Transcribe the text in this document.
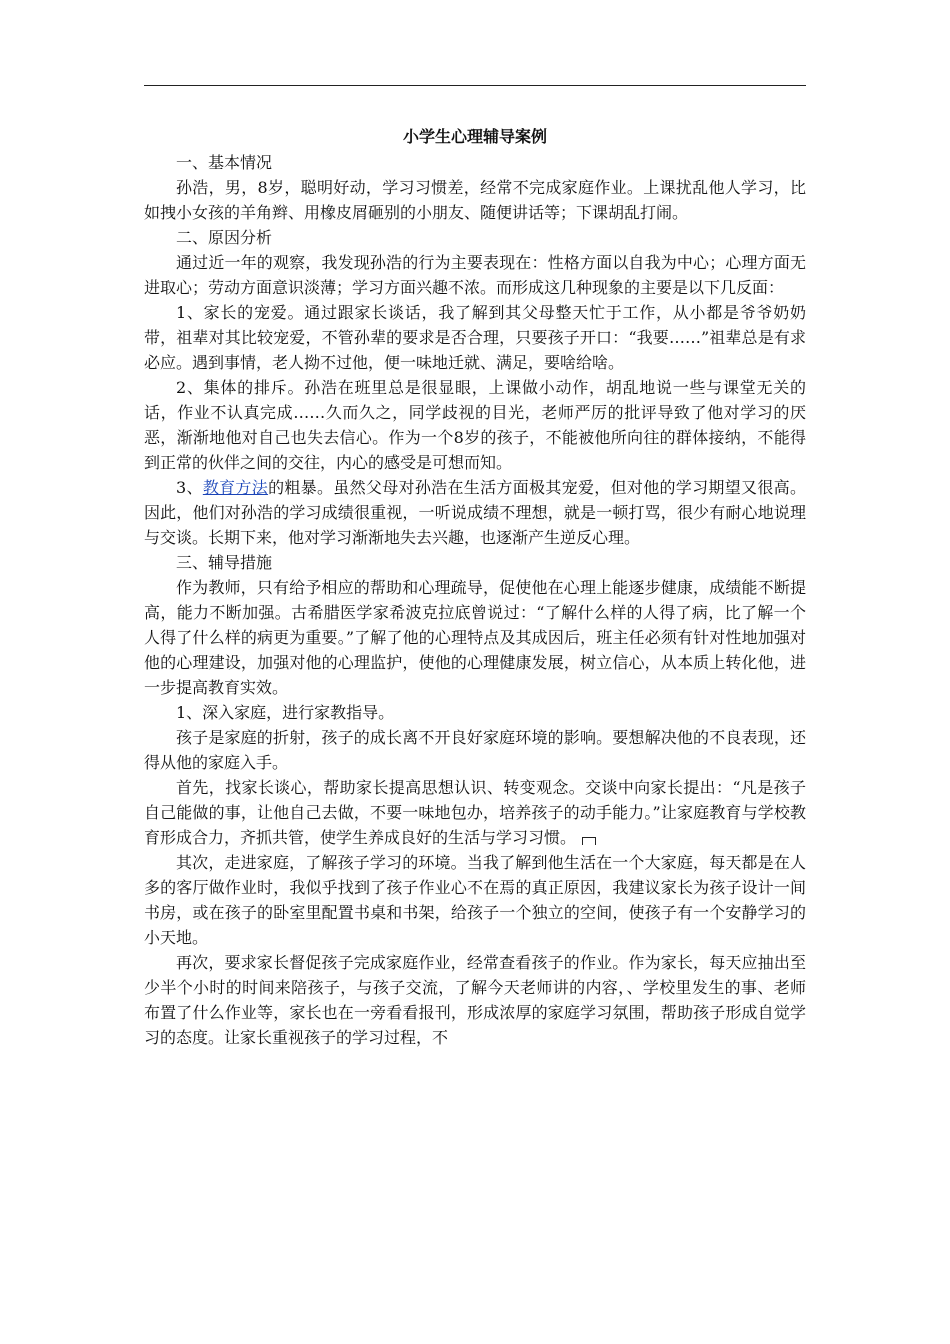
小学生心理辅导案例

一、基本情况

孙浩，男，8岁，聪明好动，学习习惯差，经常不完成家庭作业。上课扰乱他人学习，比如拽小女孩的羊角辫、用橡皮屑砸别的小朋友、随便讲话等；下课胡乱打闹。

二、原因分析

通过近一年的观察，我发现孙浩的行为主要表现在：性格方面以自我为中心；心理方面无进取心；劳动方面意识淡薄；学习方面兴趣不浓。而形成这几种现象的主要是以下几反面：

1、家长的宠爱。通过跟家长谈话，我了解到其父母整天忙于工作，从小都是爷爷奶奶带，祖辈对其比较宠爱，不管孙辈的要求是否合理，只要孩子开口：“我要……”祖辈总是有求必应。遇到事情，老人拗不过他，便一味地迁就、满足，要啥给啥。

2、集体的排斥。孙浩在班里总是很显眼，上课做小动作，胡乱地说一些与课堂无关的话，作业不认真完成……久而久之，同学歧视的目光，老师严厉的批评导致了他对学习的厌恶，渐渐地他对自己也失去信心。作为一个8岁的孩子，不能被他所向往的群体接纳，不能得到正常的伙伴之间的交往，内心的感受是可想而知。

3、教育方法的粗暴。虽然父母对孙浩在生活方面极其宠爱，但对他的学习期望又很高。因此，他们对孙浩的学习成绩很重视，一听说成绩不理想，就是一顿打骂，很少有耐心地说理与交谈。长期下来，他对学习渐渐地失去兴趣，也逐渐产生逆反心理。

三、辅导措施

作为教师，只有给予相应的帮助和心理疏导，促使他在心理上能逐步健康，成绩能不断提高，能力不断加强。古希腊医学家希波克拉底曾说过：“了解什么样的人得了病，比了解一个人得了什么样的病更为重要。”了解了他的心理特点及其成因后，班主任必须有针对性地加强对他的心理建设，加强对他的心理监护，使他的心理健康发展，树立信心，从本质上转化他，进一步提高教育实效。

1、深入家庭，进行家教指导。

孩子是家庭的折射，孩子的成长离不开良好家庭环境的影响。要想解决他的不良表现，还得从他的家庭入手。

首先，找家长谈心，帮助家长提高思想认识、转变观念。交谈中向家长提出：“凡是孩子自己能做的事，让他自己去做，不要一味地包办，培养孩子的动手能力。”让家庭教育与学校教育形成合力，齐抓共管，使学生养成良好的生活与学习习惯。

其次，走进家庭，了解孩子学习的环境。当我了解到他生活在一个大家庭，每天都是在人多的客厅做作业时，我似乎找到了孩子作业心不在焉的真正原因，我建议家长为孩子设计一间书房，或在孩子的卧室里配置书桌和书架，给孩子一个独立的空间，使孩子有一个安静学习的小天地。

再次，要求家长督促孩子完成家庭作业，经常查看孩子的作业。作为家长，每天应抽出至少半个小时的时间来陪孩子，与孩子交流，了解今天老师讲的内容，、学校里发生的事、老师布置了什么作业等，家长也在一旁看看报刊，形成浓厚的家庭学习氛围，帮助孩子形成自觉学习的态度。让家长重视孩子的学习过程，不
